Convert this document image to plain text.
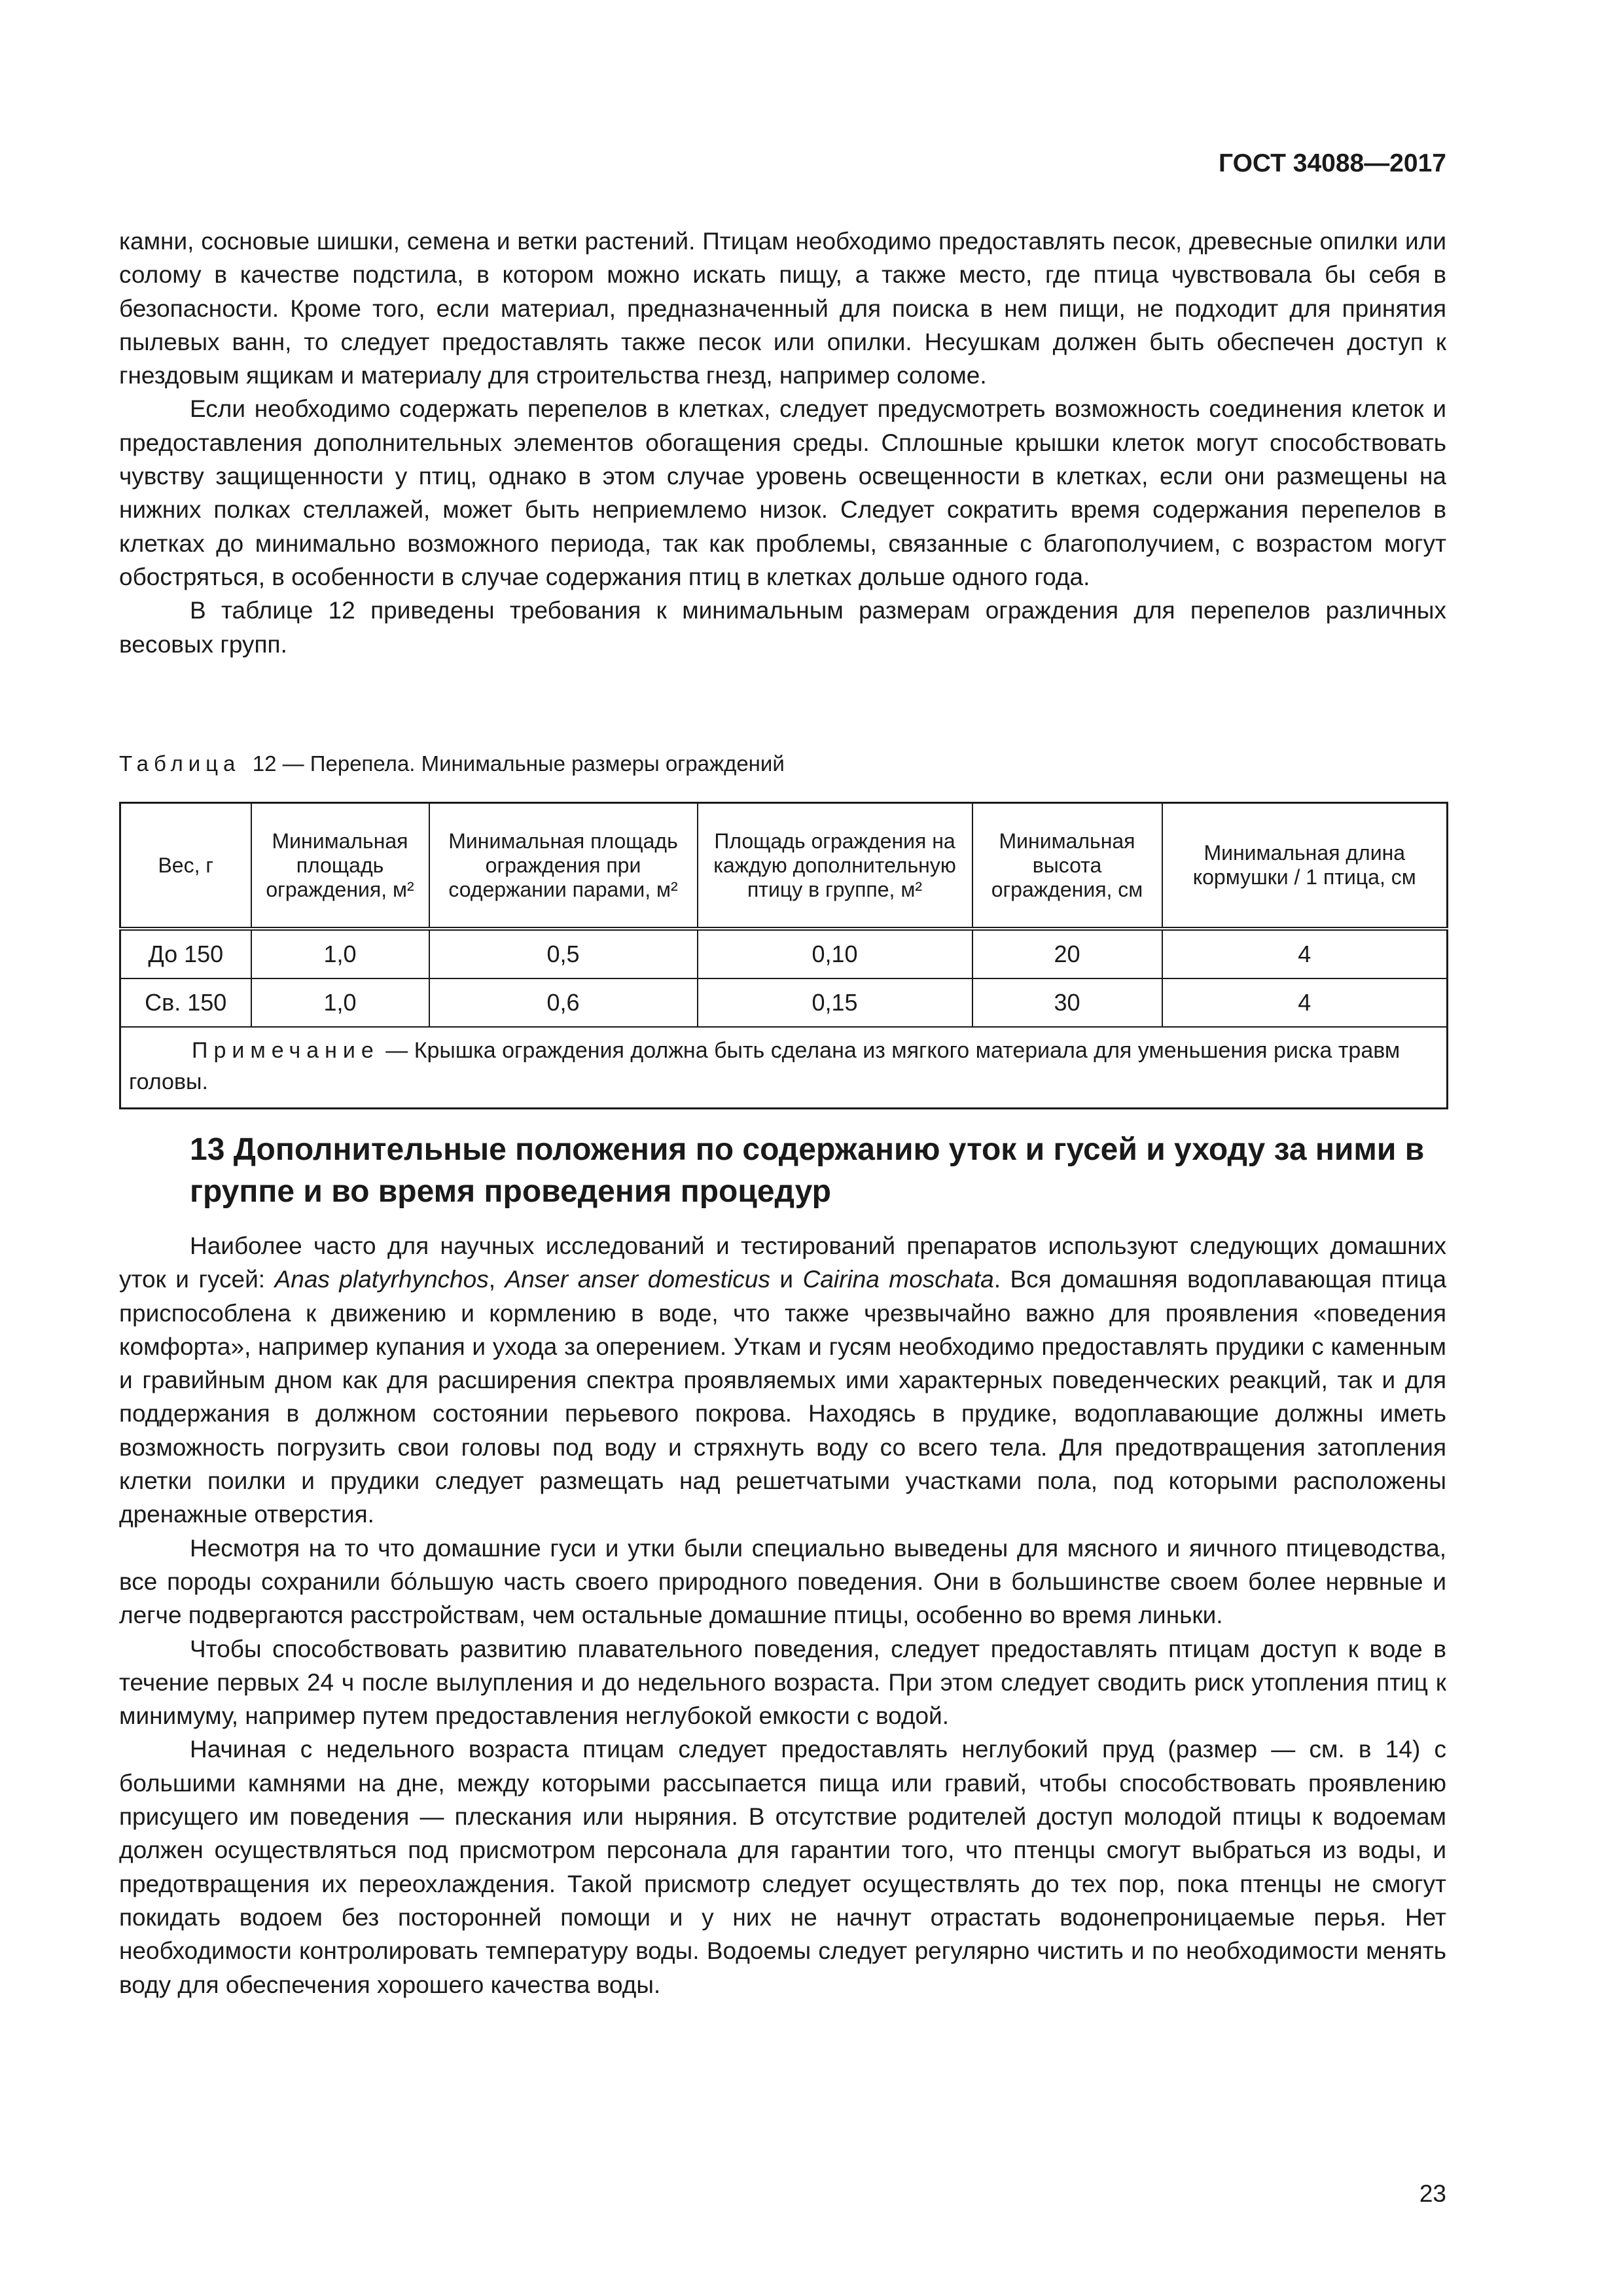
ГОСТ 34088—2017

камни, сосновые шишки, семена и ветки растений. Птицам необходимо предоставлять песок, древесные опилки или солому в качестве подстила, в котором можно искать пищу, а также место, где птица чувствовала бы себя в безопасности. Кроме того, если материал, предназначенный для поиска в нем пищи, не подходит для принятия пылевых ванн, то следует предоставлять также песок или опилки. Несушкам должен быть обеспечен доступ к гнездовым ящикам и материалу для строительства гнезд, например соломе.

Если необходимо содержать перепелов в клетках, следует предусмотреть возможность соединения клеток и предоставления дополнительных элементов обогащения среды. Сплошные крышки клеток могут способствовать чувству защищенности у птиц, однако в этом случае уровень освещенности в клетках, если они размещены на нижних полках стеллажей, может быть неприемлемо низок. Следует сократить время содержания перепелов в клетках до минимально возможного периода, так как проблемы, связанные с благополучием, с возрастом могут обостряться, в особенности в случае содержания птиц в клетках дольше одного года.

В таблице 12 приведены требования к минимальным размерам ограждения для перепелов различных весовых групп.

Таблица 12 — Перепела. Минимальные размеры ограждений
Вес, г	Минимальная площадь ограждения, м²	Минимальная площадь ограждения при содержании парами, м²	Площадь ограждения на каждую дополнительную птицу в группе, м²	Минимальная высота ограждения, см	Минимальная длина кормушки / 1 птица, см
До 150	1,0	0,5	0,10	20	4
Св. 150	1,0	0,6	0,15	30	4
Примечание — Крышка ограждения должна быть сделана из мягкого материала для уменьшения риска травм головы.					
13 Дополнительные положения по содержанию уток и гусей и уходу за ними в группе и во время проведения процедур

Наиболее часто для научных исследований и тестирований препаратов используют следующих домашних уток и гусей: Anas platyrhynchos, Anser anser domesticus и Cairina moschata. Вся домашняя водоплавающая птица приспособлена к движению и кормлению в воде, что также чрезвычайно важно для проявления «поведения комфорта», например купания и ухода за оперением. Уткам и гусям необходимо предоставлять прудики с каменным и гравийным дном как для расширения спектра проявляемых ими характерных поведенческих реакций, так и для поддержания в должном состоянии перьевого покрова. Находясь в прудике, водоплавающие должны иметь возможность погрузить свои головы под воду и стряхнуть воду со всего тела. Для предотвращения затопления клетки поилки и прудики следует размещать над решетчатыми участками пола, под которыми расположены дренажные отверстия.

Несмотря на то что домашние гуси и утки были специально выведены для мясного и яичного птицеводства, все породы сохранили бо́льшую часть своего природного поведения. Они в большинстве своем более нервные и легче подвергаются расстройствам, чем остальные домашние птицы, особенно во время линьки.

Чтобы способствовать развитию плавательного поведения, следует предоставлять птицам доступ к воде в течение первых 24 ч после вылупления и до недельного возраста. При этом следует сводить риск утопления птиц к минимуму, например путем предоставления неглубокой емкости с водой.

Начиная с недельного возраста птицам следует предоставлять неглубокий пруд (размер — см. в 14) с большими камнями на дне, между которыми рассыпается пища или гравий, чтобы способствовать проявлению присущего им поведения — плескания или ныряния. В отсутствие родителей доступ молодой птицы к водоемам должен осуществляться под присмотром персонала для гарантии того, что птенцы смогут выбраться из воды, и предотвращения их переохлаждения. Такой присмотр следует осуществлять до тех пор, пока птенцы не смогут покидать водоем без посторонней помощи и у них не начнут отрастать водонепроницаемые перья. Нет необходимости контролировать температуру воды. Водоемы следует регулярно чистить и по необходимости менять воду для обеспечения хорошего качества воды.

23
